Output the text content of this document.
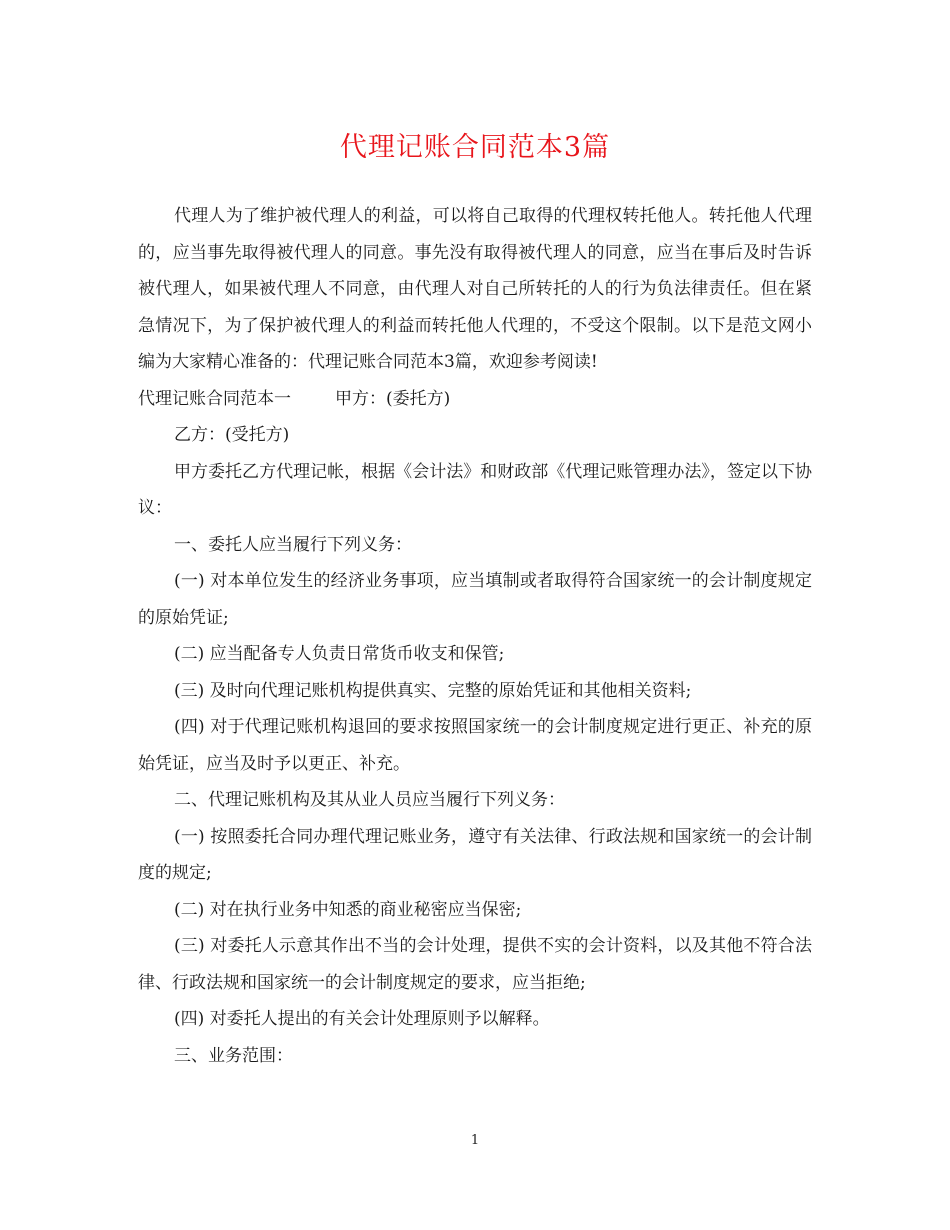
代理记账合同范本3篇

代理人为了维护被代理人的利益，可以将自己取得的代理权转托他人。转托他人代理的，应当事先取得被代理人的同意。事先没有取得被代理人的同意，应当在事后及时告诉被代理人，如果被代理人不同意，由代理人对自己所转托的人的行为负法律责任。但在紧急情况下，为了保护被代理人的利益而转托他人代理的，不受这个限制。以下是范文网小编为大家精心准备的：代理记账合同范本3篇，欢迎参考阅读!

代理记账合同范本一	甲方：(委托方)

乙方：(受托方)

甲方委托乙方代理记帐，根据《会计法》和财政部《代理记账管理办法》，签定以下协议：

一、委托人应当履行下列义务：

(一) 对本单位发生的经济业务事项，应当填制或者取得符合国家统一的会计制度规定的原始凭证;

(二) 应当配备专人负责日常货币收支和保管;

(三) 及时向代理记账机构提供真实、完整的原始凭证和其他相关资料;

(四) 对于代理记账机构退回的要求按照国家统一的会计制度规定进行更正、补充的原始凭证，应当及时予以更正、补充。

二、代理记账机构及其从业人员应当履行下列义务：

(一) 按照委托合同办理代理记账业务，遵守有关法律、行政法规和国家统一的会计制度的规定;

(二) 对在执行业务中知悉的商业秘密应当保密;

(三) 对委托人示意其作出不当的会计处理，提供不实的会计资料，以及其他不符合法律、行政法规和国家统一的会计制度规定的要求，应当拒绝;

(四) 对委托人提出的有关会计处理原则予以解释。

三、业务范围：

1
